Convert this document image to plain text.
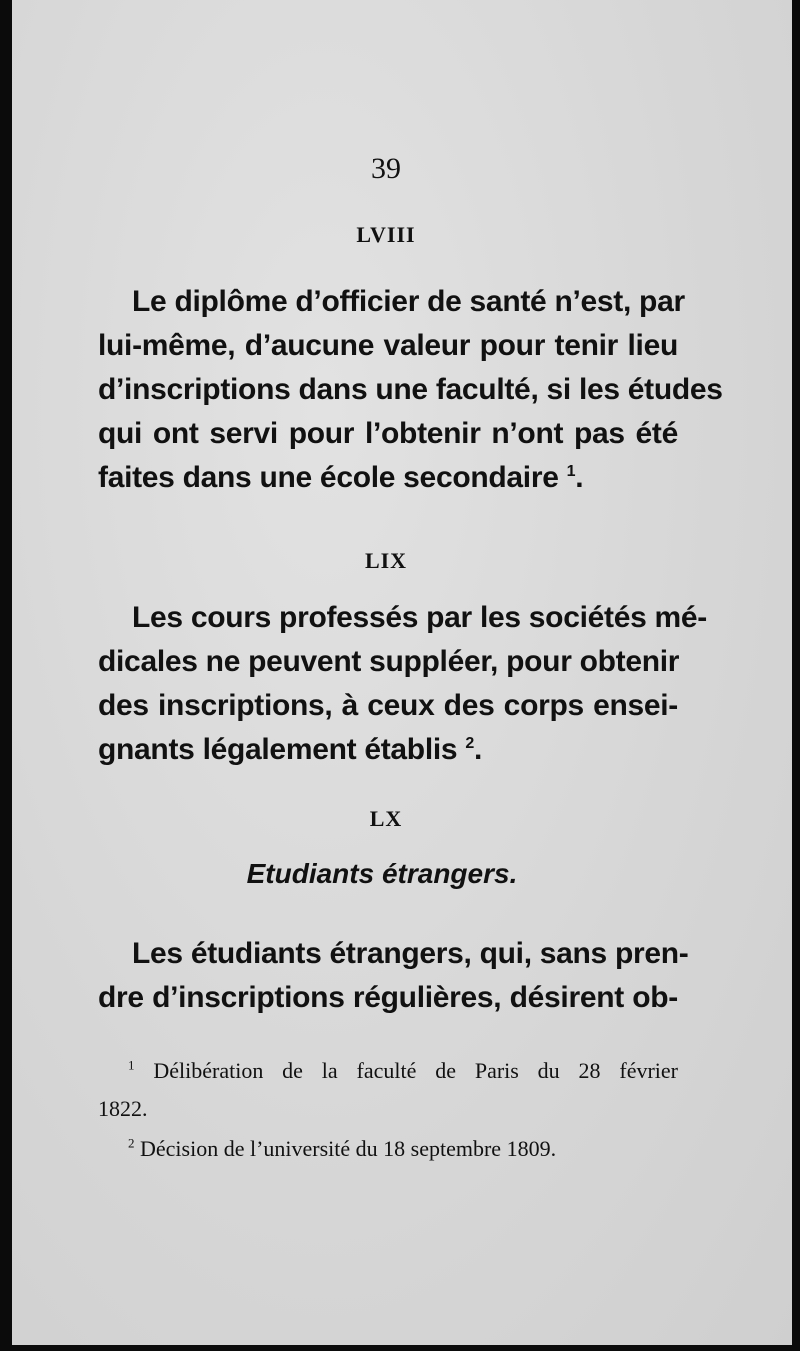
39
LVIII
Le diplôme d’officier de santé n’est, par
lui-même, d’aucune valeur pour tenir lieu
d’inscriptions dans une faculté, si les études
qui ont servi pour l’obtenir n’ont pas été
faites dans une école secondaire $^1$.
LIX
Les cours professés par les sociétés mé-
dicales ne peuvent suppléer, pour obtenir
des inscriptions, à ceux des corps ensei-
gnants légalement établis $^2$.
LX
Etudiants étrangers.
Les étudiants étrangers, qui, sans pren-
dre d’inscriptions régulières, désirent ob-
$^1$ Délibération de la faculté de Paris du 28 février
1822.
$^2$ Décision de l’université du 18 septembre 1809.
